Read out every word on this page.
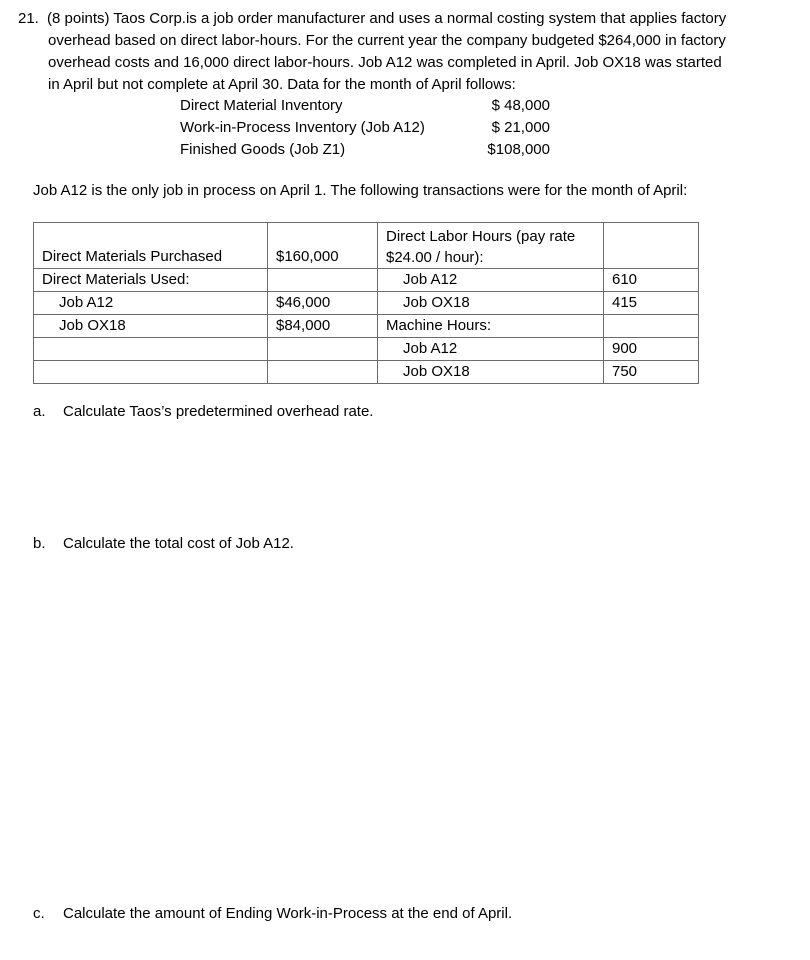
21. (8 points) Taos Corp.is a job order manufacturer and uses a normal costing system that applies factory
overhead based on direct labor-hours. For the current year the company budgeted $264,000 in factory
overhead costs and 16,000 direct labor-hours. Job A12 was completed in April. Job OX18 was started
in April but not complete at April 30. Data for the month of April follows:
Direct Material Inventory	$ 48,000
Work-in-Process Inventory (Job A12)	$ 21,000
Finished Goods (Job Z1)	$108,000
Job A12 is the only job in process on April 1. The following transactions were for the month of April:
Direct Materials Purchased	$160,000	Direct Labor Hours (pay rate $24.00 / hour):	
Direct Materials Used:		Job A12	610
Job A12	$46,000	Job OX18	415
Job OX18	$84,000	Machine Hours:	
		Job A12	900
		Job OX18	750
a. Calculate Taos’s predetermined overhead rate.
b. Calculate the total cost of Job A12.
c. Calculate the amount of Ending Work-in-Process at the end of April.
